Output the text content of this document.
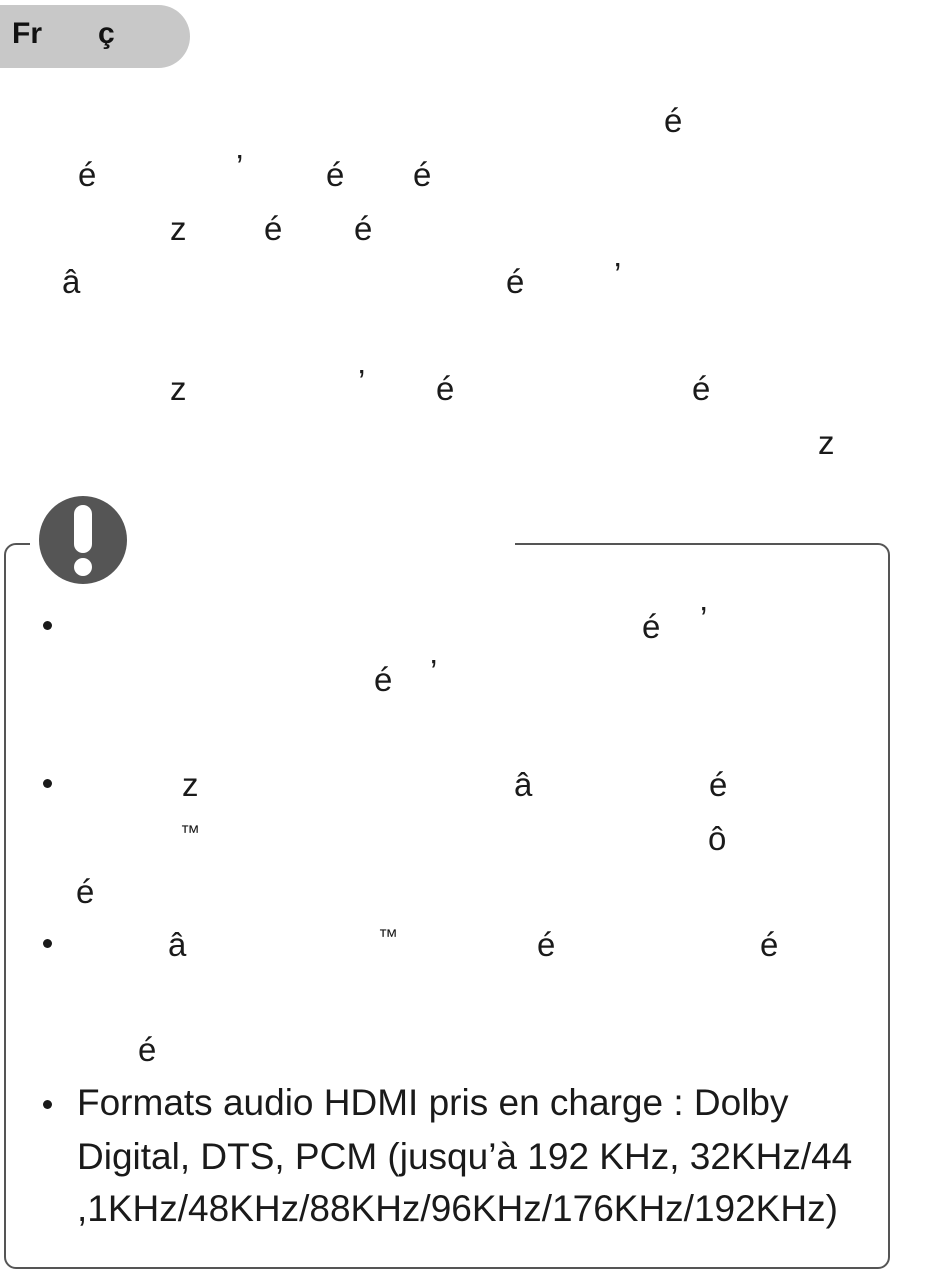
Fr ç
é
é	’	é é
z é é
â	é	’
z	’ é	é
z
é ’
é ’
z	â	é
™	ô
é
â	™	é	é
é
Formats audio HDMI pris en charge : Dolby
Digital, DTS, PCM (jusqu’à 192 KHz, 32KHz/44
,1KHz/48KHz/88KHz/96KHz/176KHz/192KHz)
